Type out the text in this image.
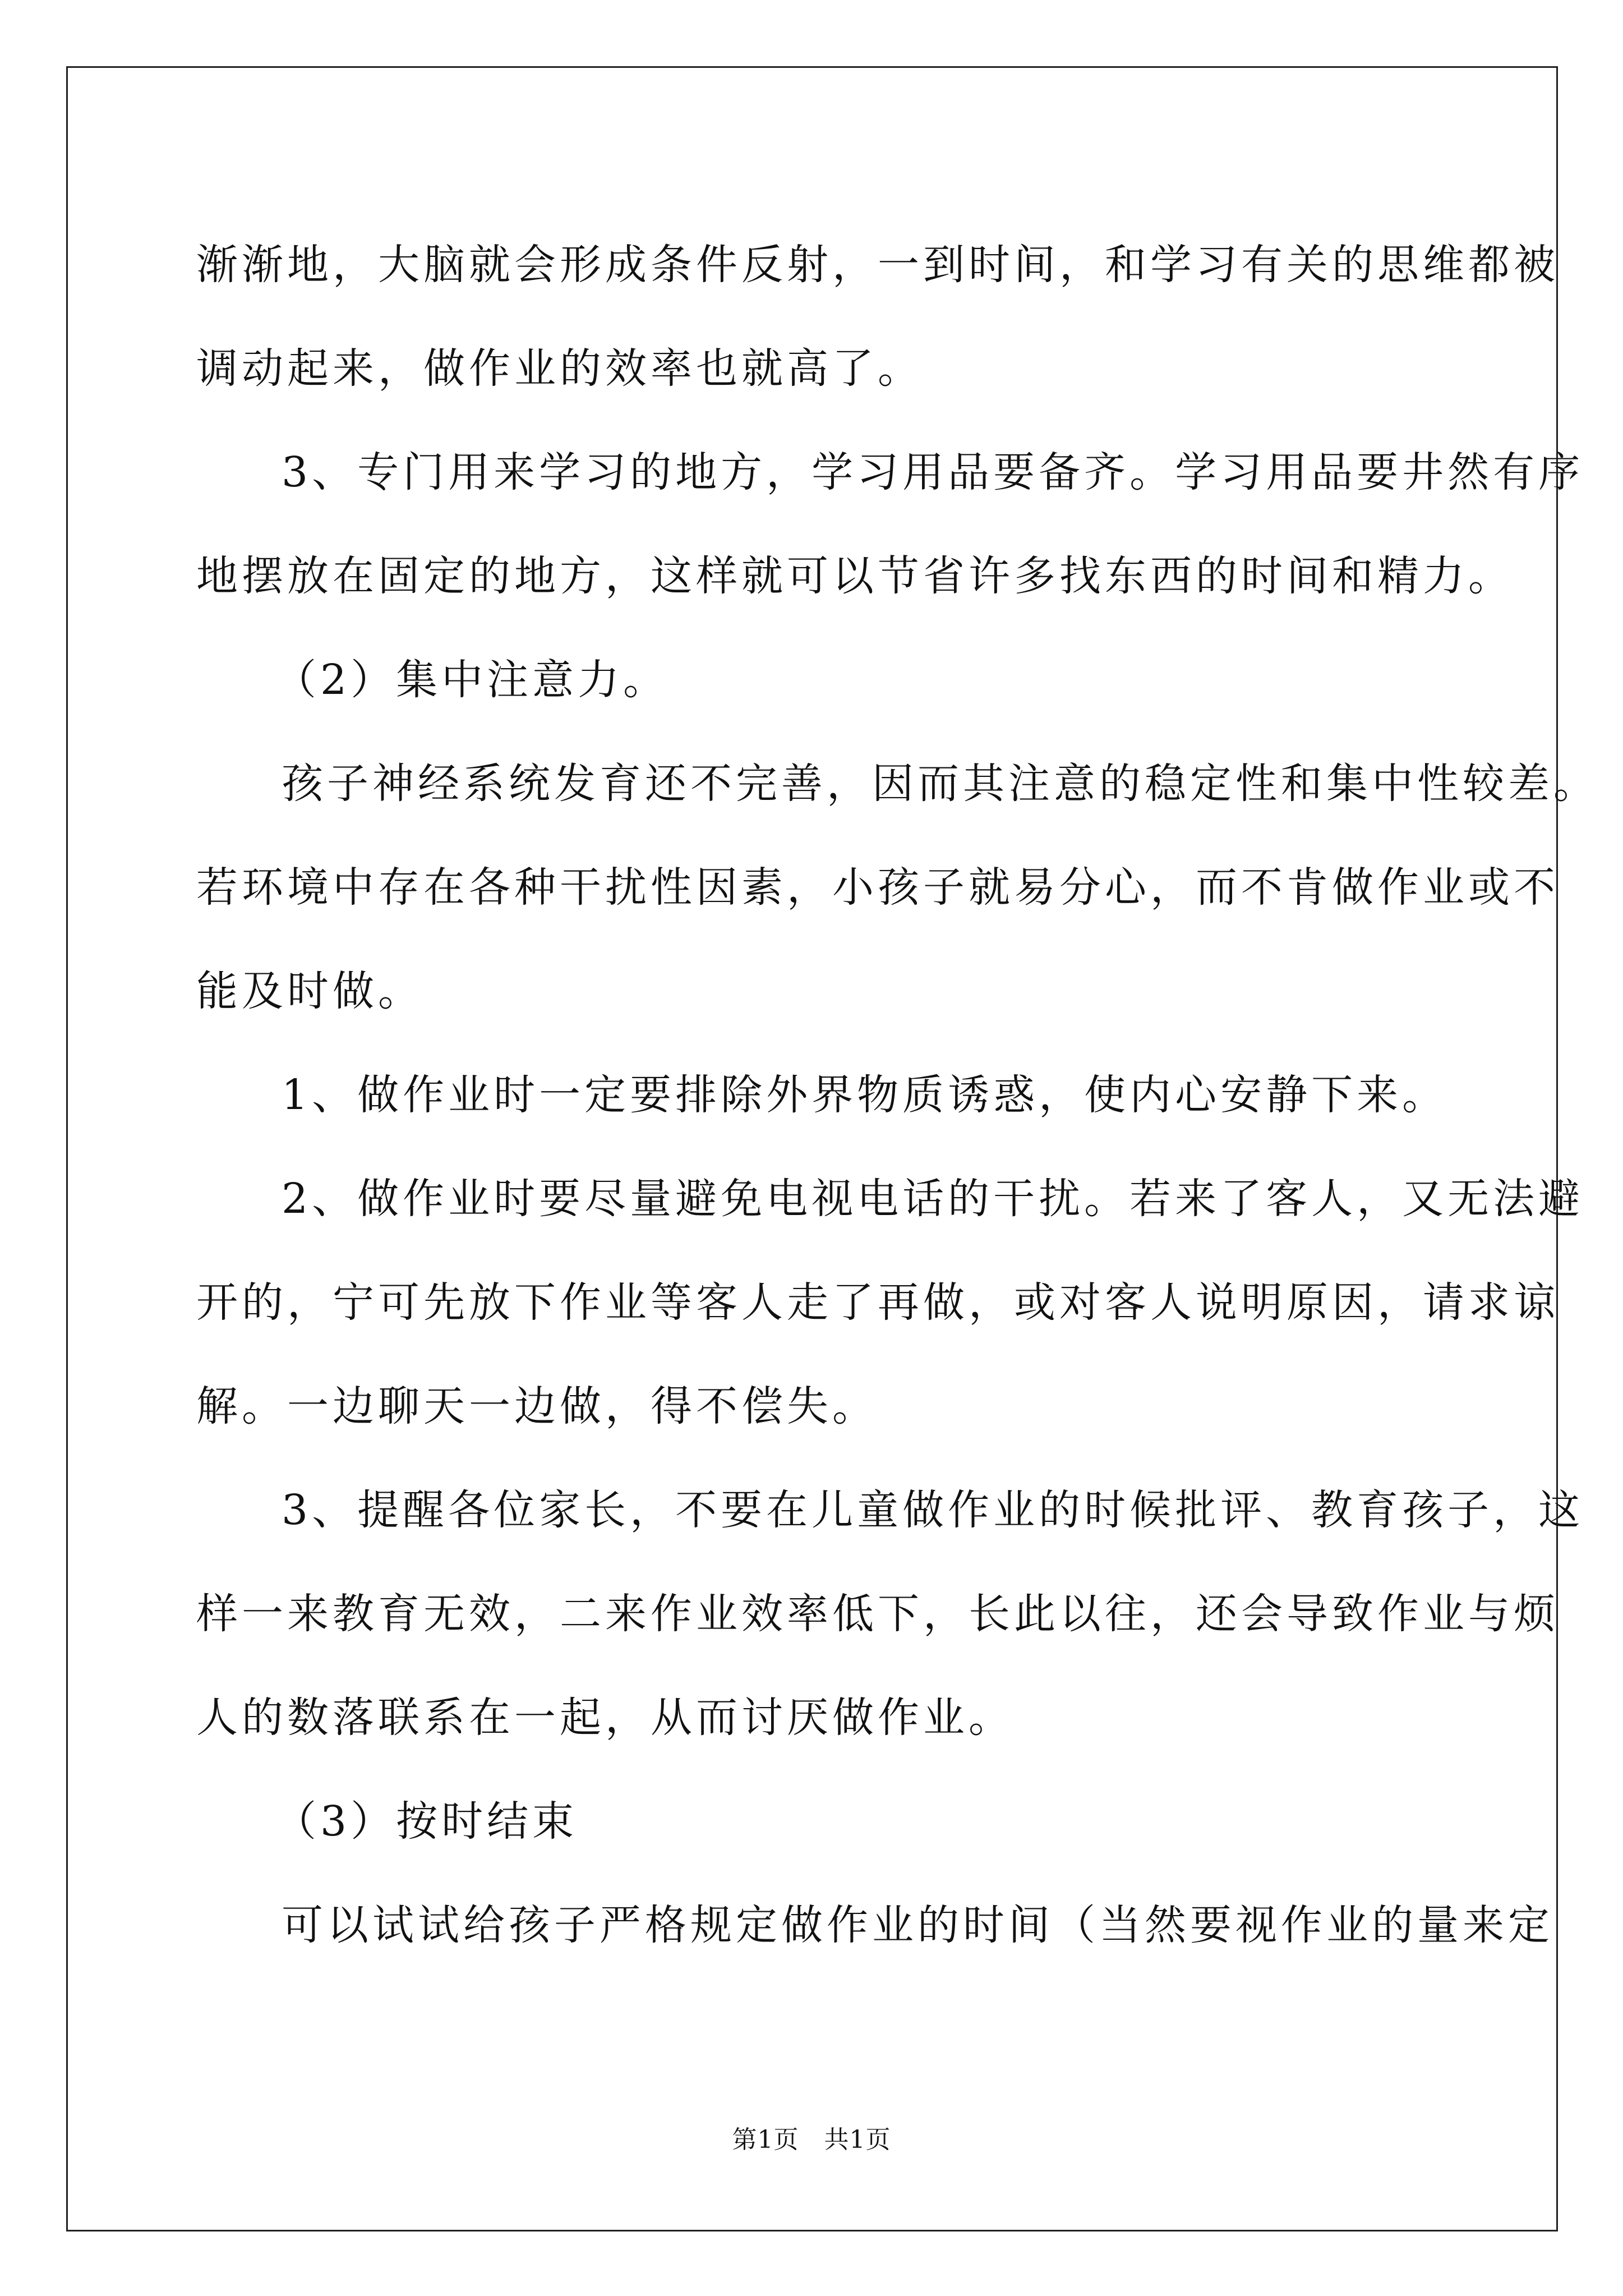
渐渐地，大脑就会形成条件反射，一到时间，和学习有关的思维都被

调动起来，做作业的效率也就高了。

3、专门用来学习的地方，学习用品要备齐。学习用品要井然有序

地摆放在固定的地方，这样就可以节省许多找东西的时间和精力。

（2）集中注意力。

孩子神经系统发育还不完善，因而其注意的稳定性和集中性较差。

若环境中存在各种干扰性因素，小孩子就易分心，而不肯做作业或不

能及时做。

1、做作业时一定要排除外界物质诱惑，使内心安静下来。

2、做作业时要尽量避免电视电话的干扰。若来了客人，又无法避

开的，宁可先放下作业等客人走了再做，或对客人说明原因，请求谅

解。一边聊天一边做，得不偿失。

3、提醒各位家长，不要在儿童做作业的时候批评、教育孩子，这

样一来教育无效，二来作业效率低下，长此以往，还会导致作业与烦

人的数落联系在一起，从而讨厌做作业。

（3）按时结束

可以试试给孩子严格规定做作业的时间（当然要视作业的量来定

第1页   共1页
